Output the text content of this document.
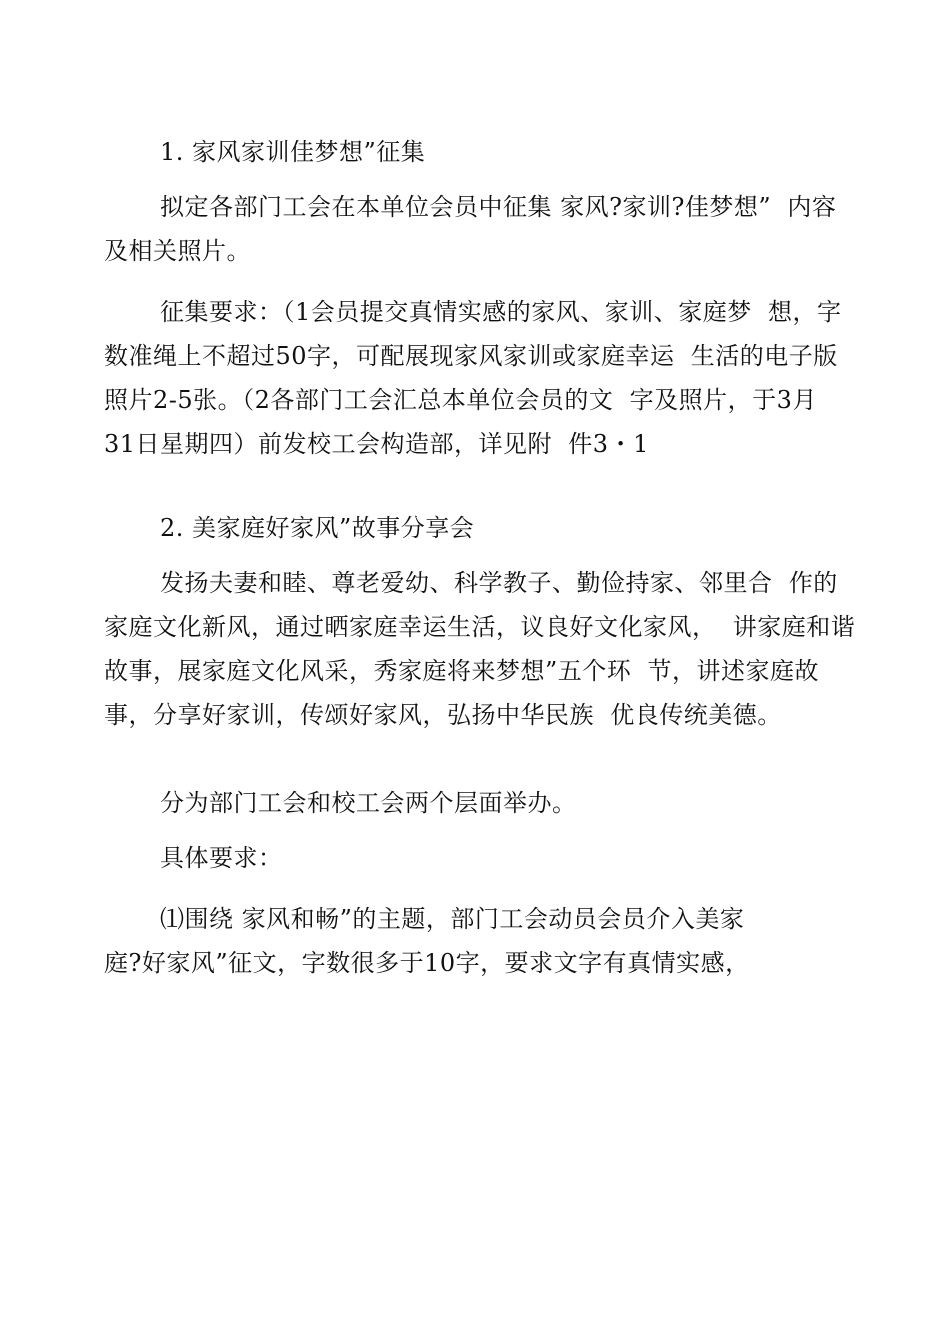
1. 家风家训佳梦想”征集
拟定各部门工会在本单位会员中征集 家风?家训?佳梦想”  内容
及相关照片。
征集要求：（1会员提交真情实感的家风、家训、家庭梦  想，字
数准绳上不超过50字，可配展现家风家训或家庭幸运  生活的电子版
照片2-5张。（2各部门工会汇总本单位会员的文  字及照片，于3月
31日星期四）前发校工会构造部，详见附  件3・1
2. 美家庭好家风”故事分享会
发扬夫妻和睦、尊老爱幼、科学教子、勤俭持家、邻里合  作的
家庭文化新风，通过晒家庭幸运生活，议良好文化家风，  讲家庭和谐
故事，展家庭文化风采，秀家庭将来梦想”五个环  节，讲述家庭故
事，分享好家训，传颂好家风，弘扬中华民族  优良传统美德。
分为部门工会和校工会两个层面举办。
具体要求：
⑴围绕 家风和畅”的主题，部门工会动员会员介入美家
庭?好家风”征文，字数很多于10字，要求文字有真情实感，
